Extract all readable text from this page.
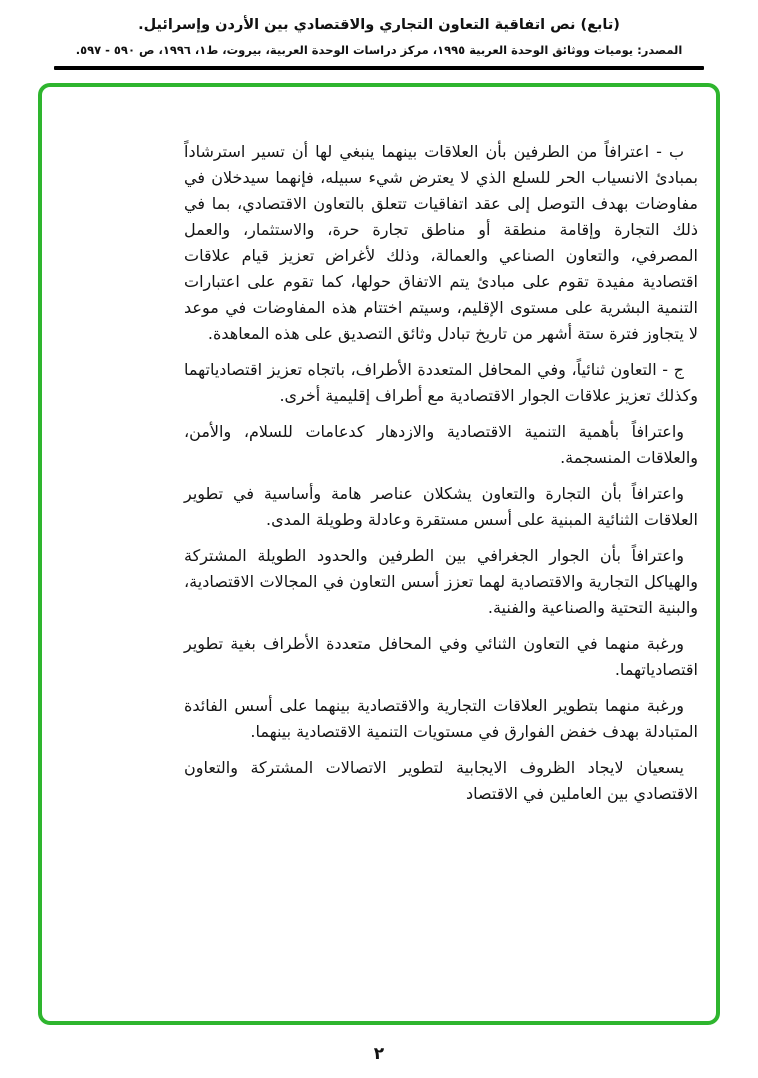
(تابع) نص اتفاقية التعاون التجاري والاقتصادي بين الأردن وإسرائيل.
المصدر: يوميات ووثائق الوحدة العربية ١٩٩٥، مركز دراسات الوحدة العربية، بيروت، ط١، ١٩٩٦، ص ٥٩٠ - ٥٩٧.

ب - اعترافاً من الطرفين بأن العلاقات بينهما ينبغي لها أن تسير استرشاداً بمبادئ الانسياب الحر للسلع الذي لا يعترض شيء سبيله، فإنهما سيدخلان في مفاوضات بهدف التوصل إلى عقد اتفاقيات تتعلق بالتعاون الاقتصادي، بما في ذلك التجارة وإقامة منطقة أو مناطق تجارة حرة، والاستثمار، والعمل المصرفي، والتعاون الصناعي والعمالة، وذلك لأغراض تعزيز قيام علاقات اقتصادية مفيدة تقوم على مبادئ يتم الاتفاق حولها، كما تقوم على اعتبارات التنمية البشرية على مستوى الإقليم، وسيتم اختتام هذه المفاوضات في موعد لا يتجاوز فترة ستة أشهر من تاريخ تبادل وثائق التصديق على هذه المعاهدة.

ج - التعاون ثنائياً، وفي المحافل المتعددة الأطراف، باتجاه تعزيز اقتصادياتهما وكذلك تعزيز علاقات الجوار الاقتصادية مع أطراف إقليمية أخرى.

واعترافاً بأهمية التنمية الاقتصادية والازدهار كدعامات للسلام، والأمن، والعلاقات المنسجمة.

واعترافاً بأن التجارة والتعاون يشكلان عناصر هامة وأساسية في تطوير العلاقات الثنائية المبنية على أسس مستقرة وعادلة وطويلة المدى.

واعترافاً بأن الجوار الجغرافي بين الطرفين والحدود الطويلة المشتركة والهياكل التجارية والاقتصادية لهما تعزز أسس التعاون في المجالات الاقتصادية، والبنية التحتية والصناعية والفنية.

ورغبة منهما في التعاون الثنائي وفي المحافل متعددة الأطراف بغية تطوير اقتصادياتهما.

ورغبة منهما بتطوير العلاقات التجارية والاقتصادية بينهما على أسس الفائدة المتبادلة بهدف خفض الفوارق في مستويات التنمية الاقتصادية بينهما.

يسعيان لايجاد الظروف الايجابية لتطوير الاتصالات المشتركة والتعاون الاقتصادي بين العاملين في الاقتصاد

٢
